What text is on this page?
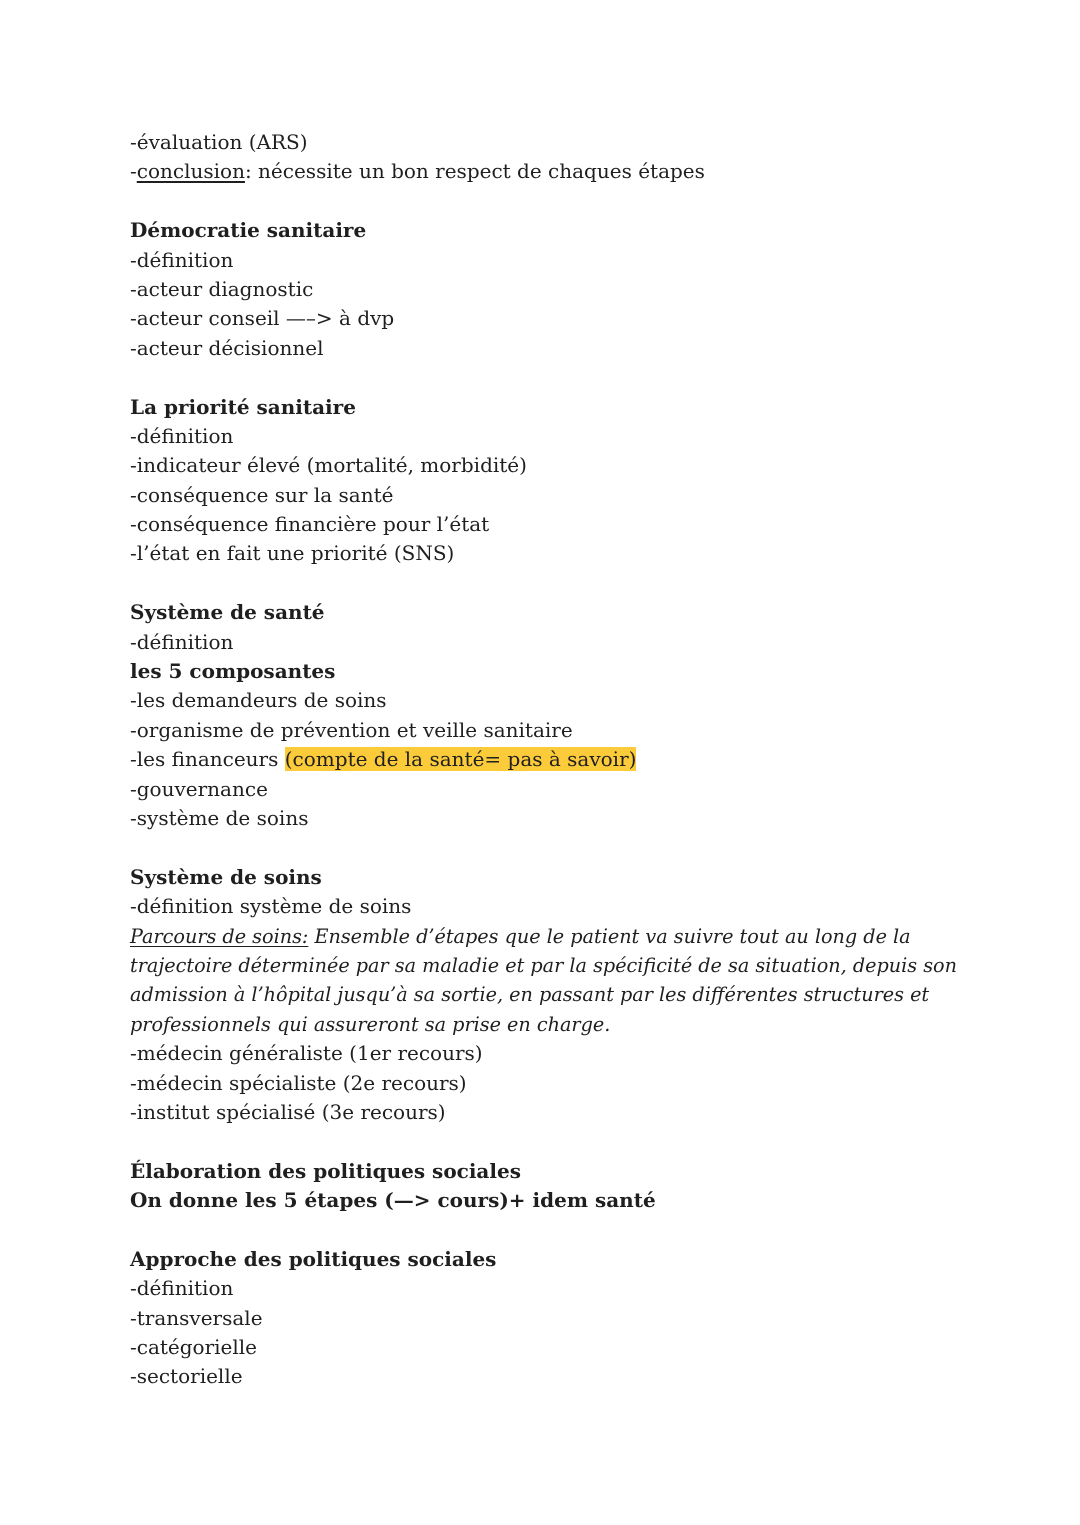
-évaluation (ARS)
-conclusion: nécessite un bon respect de chaques étapes
Démocratie sanitaire
-définition
-acteur diagnostic
-acteur conseil —–> à dvp
-acteur décisionnel
La priorité sanitaire
-définition
-indicateur élevé (mortalité, morbidité)
-conséquence sur la santé
-conséquence financière pour l’état
-l’état en fait une priorité (SNS)
Système de santé
-définition
les 5 composantes
-les demandeurs de soins
-organisme de prévention et veille sanitaire
-les financeurs (compte de la santé= pas à savoir)
-gouvernance
-système de soins
Système de soins
-définition système de soins
Parcours de soins: Ensemble d’étapes que le patient va suivre tout au long de la trajectoire déterminée par sa maladie et par la spécificité de sa situation, depuis son admission à l’hôpital jusqu’à sa sortie, en passant par les différentes structures et professionnels qui assureront sa prise en charge.
-médecin généraliste (1er recours)
-médecin spécialiste (2e recours)
-institut spécialisé (3e recours)
Élaboration des politiques sociales
On donne les 5 étapes (—> cours)+ idem santé
Approche des politiques sociales
-définition
-transversale
-catégorielle
-sectorielle
